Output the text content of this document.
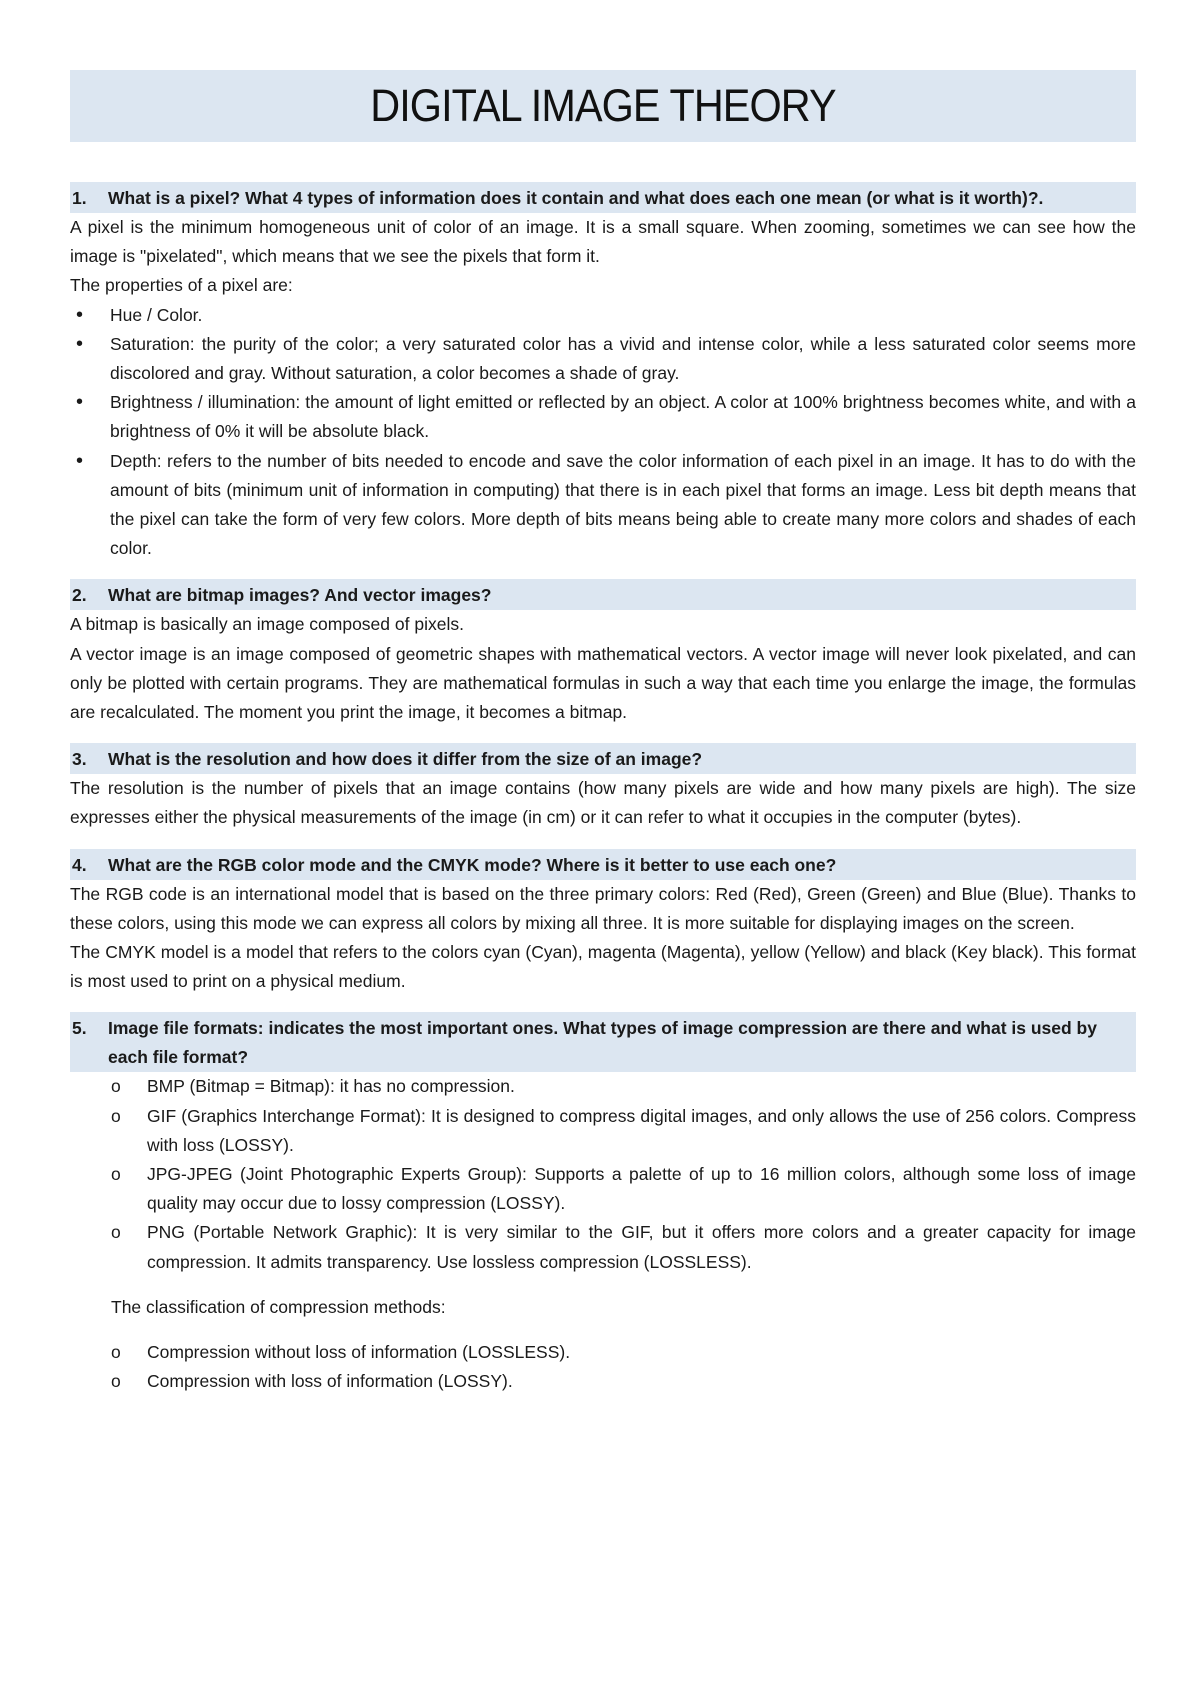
DIGITAL IMAGE THEORY
1. What is a pixel? What 4 types of information does it contain and what does each one mean (or what is it worth)?.

A pixel is the minimum homogeneous unit of color of an image. It is a small square. When zooming, sometimes we can see how the image is "pixelated", which means that we see the pixels that form it.

The properties of a pixel are:

• Hue / Color.
• Saturation: the purity of the color; a very saturated color has a vivid and intense color, while a less saturated color seems more discolored and gray. Without saturation, a color becomes a shade of gray.
• Brightness / illumination: the amount of light emitted or reflected by an object. A color at 100% brightness becomes white, and with a brightness of 0% it will be absolute black.
• Depth: refers to the number of bits needed to encode and save the color information of each pixel in an image. It has to do with the amount of bits (minimum unit of information in computing) that there is in each pixel that forms an image. Less bit depth means that the pixel can take the form of very few colors. More depth of bits means being able to create many more colors and shades of each color.
2. What are bitmap images? And vector images?

A bitmap is basically an image composed of pixels.

A vector image is an image composed of geometric shapes with mathematical vectors. A vector image will never look pixelated, and can only be plotted with certain programs. They are mathematical formulas in such a way that each time you enlarge the image, the formulas are recalculated. The moment you print the image, it becomes a bitmap.

3. What is the resolution and how does it differ from the size of an image?

The resolution is the number of pixels that an image contains (how many pixels are wide and how many pixels are high). The size expresses either the physical measurements of the image (in cm) or it can refer to what it occupies in the computer (bytes).

4. What are the RGB color mode and the CMYK mode? Where is it better to use each one?

The RGB code is an international model that is based on the three primary colors: Red (Red), Green (Green) and Blue (Blue). Thanks to these colors, using this mode we can express all colors by mixing all three. It is more suitable for displaying images on the screen.

The CMYK model is a model that refers to the colors cyan (Cyan), magenta (Magenta), yellow (Yellow) and black (Key black). This format is most used to print on a physical medium.

5. Image file formats: indicates the most important ones. What types of image compression are there and what is used by each file format?
o BMP (Bitmap = Bitmap): it has no compression.
o GIF (Graphics Interchange Format): It is designed to compress digital images, and only allows the use of 256 colors. Compress with loss (LOSSY).
o JPG-JPEG (Joint Photographic Experts Group): Supports a palette of up to 16 million colors, although some loss of image quality may occur due to lossy compression (LOSSY).
o PNG (Portable Network Graphic): It is very similar to the GIF, but it offers more colors and a greater capacity for image compression. It admits transparency. Use lossless compression (LOSSLESS).

The classification of compression methods:

o Compression without loss of information (LOSSLESS).
o Compression with loss of information (LOSSY).
